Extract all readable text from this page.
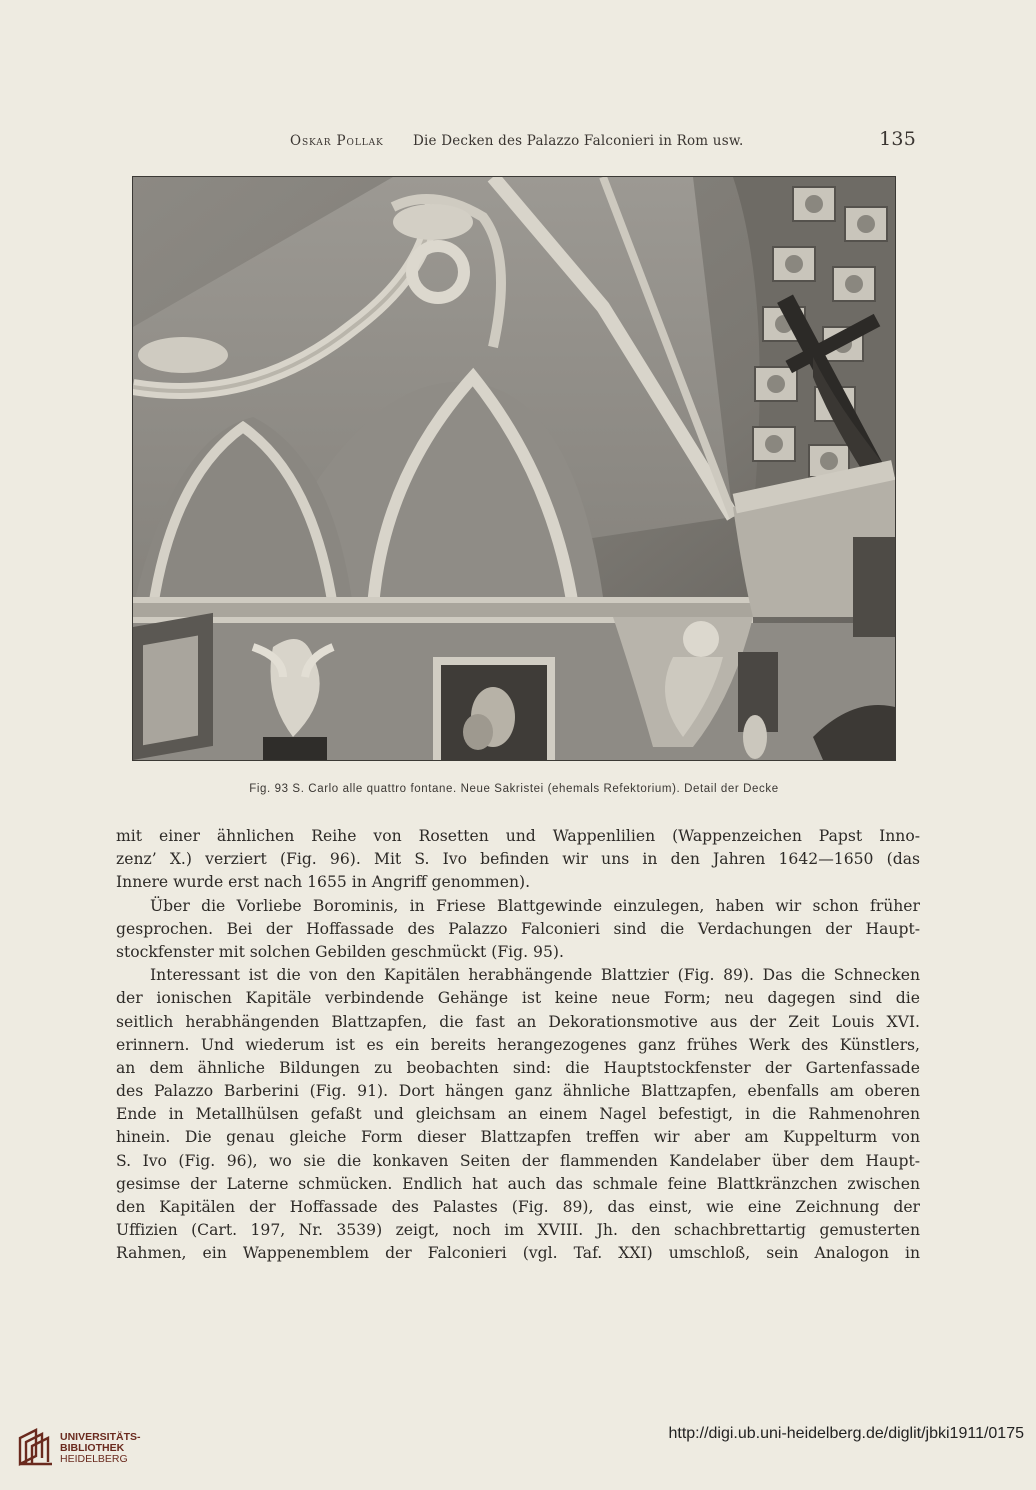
Oskar Pollak Die Decken des Palazzo Falconieri in Rom usw.	135
Fig. 93 S. Carlo alle quattro fontane. Neue Sakristei (ehemals Refektorium). Detail der Decke
mit einer ähnlichen Reihe von Rosetten und Wappenlilien (Wappenzeichen Papst Inno-
zenz’ X.) verziert (Fig. 96). Mit S. Ivo befinden wir uns in den Jahren 1642—1650 (das
Innere wurde erst nach 1655 in Angriff genommen).
Über die Vorliebe Borominis, in Friese Blattgewinde einzulegen, haben wir schon früher
gesprochen. Bei der Hoffassade des Palazzo Falconieri sind die Verdachungen der Haupt-
stockfenster mit solchen Gebilden geschmückt (Fig. 95).
Interessant ist die von den Kapitälen herabhängende Blattzier (Fig. 89). Das die Schnecken
der ionischen Kapitäle verbindende Gehänge ist keine neue Form; neu dagegen sind die
seitlich herabhängenden Blattzapfen, die fast an Dekorationsmotive aus der Zeit Louis XVI.
erinnern. Und wiederum ist es ein bereits herangezogenes ganz frühes Werk des Künstlers,
an dem ähnliche Bildungen zu beobachten sind: die Hauptstockfenster der Gartenfassade
des Palazzo Barberini (Fig. 91). Dort hängen ganz ähnliche Blattzapfen, ebenfalls am oberen
Ende in Metallhülsen gefaßt und gleichsam an einem Nagel befestigt, in die Rahmenohren
hinein. Die genau gleiche Form dieser Blattzapfen treffen wir aber am Kuppelturm von
S. Ivo (Fig. 96), wo sie die konkaven Seiten der flammenden Kandelaber über dem Haupt-
gesimse der Laterne schmücken. Endlich hat auch das schmale feine Blattkränzchen zwischen
den Kapitälen der Hoffassade des Palastes (Fig. 89), das einst, wie eine Zeichnung der
Uffizien (Cart. 197, Nr. 3539) zeigt, noch im XVIII. Jh. den schachbrettartig gemusterten
Rahmen, ein Wappenemblem der Falconieri (vgl. Taf. XXI) umschloß, sein Analogon in
UNIVERSITÄTS-
BIBLIOTHEK
HEIDELBERG
http://digi.ub.uni-heidelberg.de/diglit/jbki1911/0175
